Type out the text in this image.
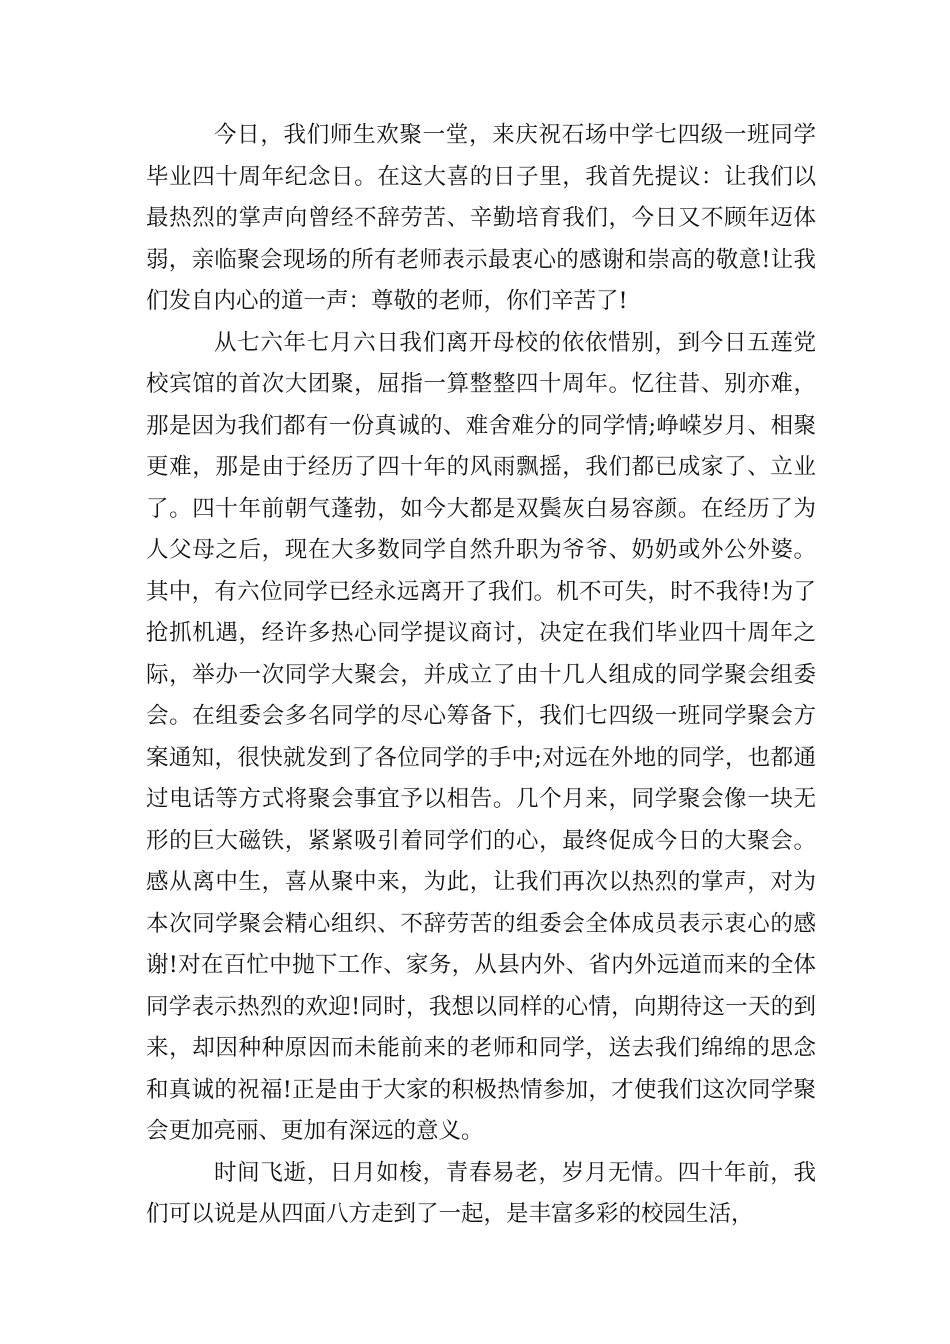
今日，我们师生欢聚一堂，来庆祝石场中学七四级一班同学毕业四十周年纪念日。在这大喜的日子里，我首先提议：让我们以最热烈的掌声向曾经不辞劳苦、辛勤培育我们，今日又不顾年迈体弱，亲临聚会现场的所有老师表示最衷心的感谢和崇高的敬意!让我们发自内心的道一声：尊敬的老师，你们辛苦了!

从七六年七月六日我们离开母校的依依惜别，到今日五莲党校宾馆的首次大团聚，屈指一算整整四十周年。忆往昔、别亦难，那是因为我们都有一份真诚的、难舍难分的同学情;峥嵘岁月、相聚更难，那是由于经历了四十年的风雨飘摇，我们都已成家了、立业了。四十年前朝气蓬勃，如今大都是双鬓灰白易容颜。在经历了为人父母之后，现在大多数同学自然升职为爷爷、奶奶或外公外婆。其中，有六位同学已经永远离开了我们。机不可失，时不我待!为了抢抓机遇，经许多热心同学提议商讨，决定在我们毕业四十周年之际，举办一次同学大聚会，并成立了由十几人组成的同学聚会组委会。在组委会多名同学的尽心筹备下，我们七四级一班同学聚会方案通知，很快就发到了各位同学的手中;对远在外地的同学，也都通过电话等方式将聚会事宜予以相告。几个月来，同学聚会像一块无形的巨大磁铁，紧紧吸引着同学们的心，最终促成今日的大聚会。感从离中生，喜从聚中来，为此，让我们再次以热烈的掌声，对为本次同学聚会精心组织、不辞劳苦的组委会全体成员表示衷心的感谢!对在百忙中抛下工作、家务，从县内外、省内外远道而来的全体同学表示热烈的欢迎!同时，我想以同样的心情，向期待这一天的到来，却因种种原因而未能前来的老师和同学，送去我们绵绵的思念和真诚的祝福!正是由于大家的积极热情参加，才使我们这次同学聚会更加亮丽、更加有深远的意义。

时间飞逝，日月如梭，青春易老，岁月无情。四十年前，我们可以说是从四面八方走到了一起，是丰富多彩的校园生活，
